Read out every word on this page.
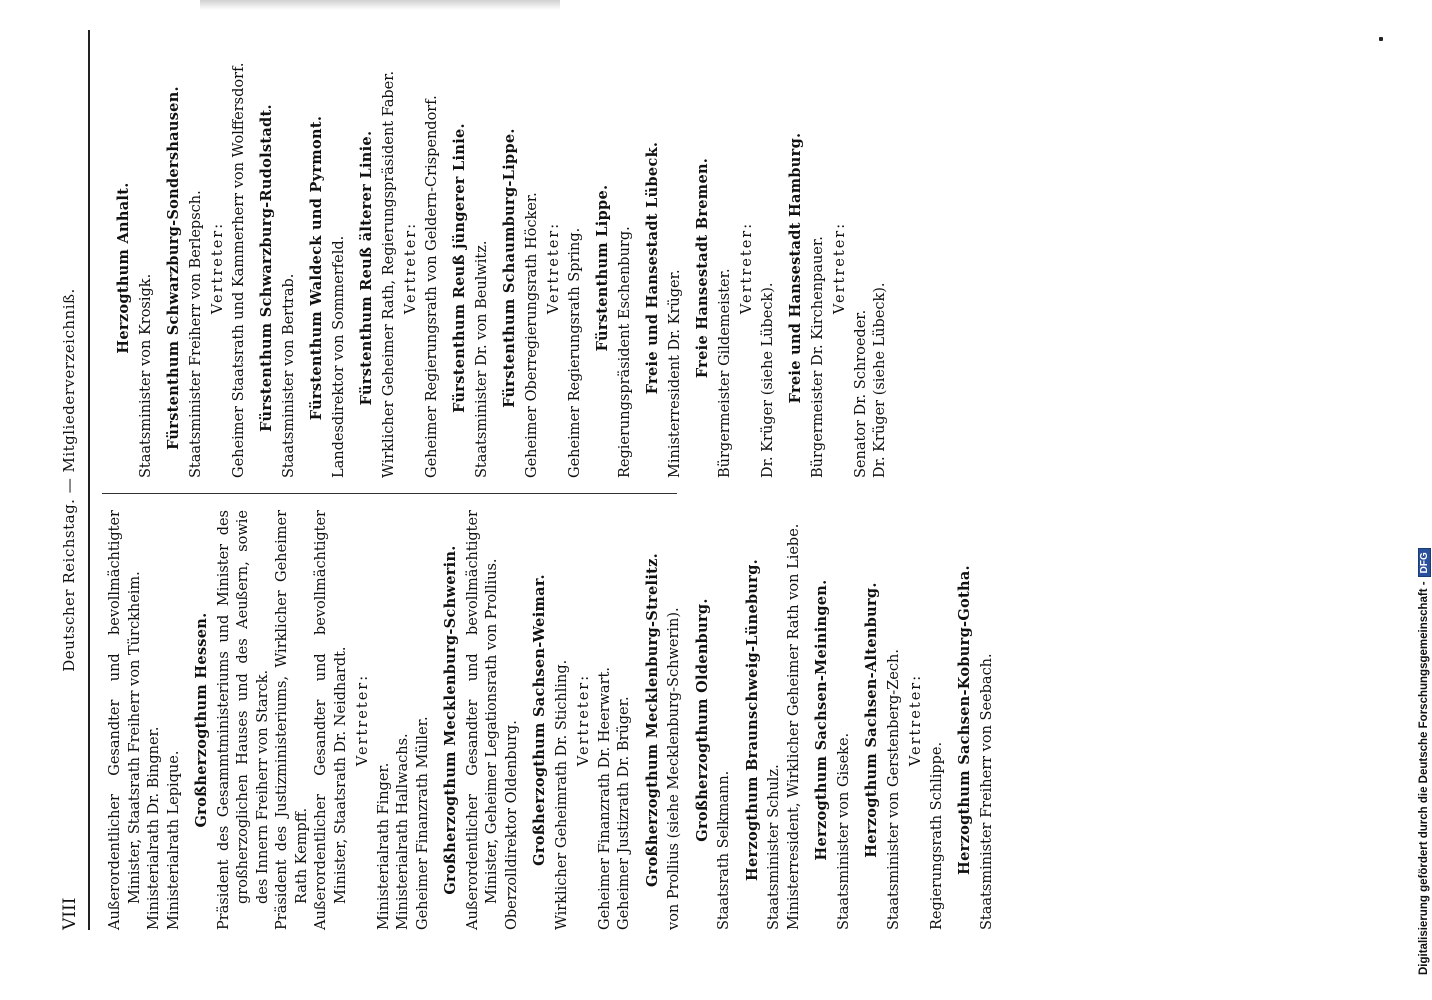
VIII
Deutscher Reichstag. — Mitgliederverzeichniß.
Außerordentlicher Gesandter und bevollmächtigter Minister, Staatsrath Freiherr von Türckheim. Ministerialrath Dr. Bingner. Ministerialrath Lepique.
Großherzogthum Hessen. Präsident des Gesammtministeriums und Minister des großherzoglichen Hauses und des Aeußern, sowie des Innern Freiherr von Starck. Präsident des Justizministeriums, Wirklicher Geheimer Rath Kempff. Außerordentlicher Gesandter und bevollmächtigter Minister, Staatsrath Dr. Neidhardt. Vertreter:
Ministerialrath Finger. Ministerialrath Hallwachs. Geheimer Finanzrath Müller. Großherzogthum Mecklenburg-Schwerin. Außerordentlicher Gesandter und bevollmächtigter Minister, Geheimer Legationsrath von Prollius. Oberzolldirektor Oldenburg. Großherzogthum Sachsen-Weimar. Wirklicher Geheimrath Dr. Stichling. Vertreter: Geheimer Finanzrath Dr. Heerwart. Geheimer Justizrath Dr. Brüger. Großherzogthum Mecklenburg-Strelitz. von Prollius (siehe Mecklenburg-Schwerin). Großherzogthum Oldenburg.
Staatsrath Selkmann. Herzogthum Braunschweig-Lüneburg. Staatsminister Schulz. Ministerresident, Wirklicher Geheimer Rath von Liebe. Herzogthum Sachsen-Meiningen. Staatsminister von Giseke. Herzogthum Sachsen-Altenburg. Staatsminister von Gerstenberg-Zech. Vertreter:
Regierungsrath Schlippe. Herzogthum Sachsen-Koburg-Gotha. Staatsminister Freiherr von Seebach.
Herzogthum Anhalt.
Staatsminister von Krosigk. Fürstenthum Schwarzburg-Sondershausen. Staatsminister Freiherr von Berlepsch. Vertreter: Geheimer Staatsrath und Kammerherr von Wolffersdorf. Fürstenthum Schwarzburg-Rudolstadt. Staatsminister von Bertrab. Fürstenthum Waldeck und Pyrmont. Landesdirektor von Sommerfeld. Fürstenthum Reuß älterer Linie. Wirklicher Geheimer Rath, Regierungspräsident Faber. Vertreter: Geheimer Regierungsrath von Geldern-Crispendorf. Fürstenthum Reuß jüngerer Linie. Staatsminister Dr. von Beulwitz. Fürstenthum Schaumburg-Lippe. Geheimer Oberregierungsrath Höcker. Vertreter: Geheimer Regierungsrath Spring. Fürstenthum Lippe. Regierungspräsident Eschenburg. Freie und Hansestadt Lübeck. Ministerresident Dr. Krüger. Freie Hansestadt Bremen. Bürgermeister Gildemeister.
Vertreter:
Dr. Krüger (siehe Lübeck). Freie und Hansestadt Hamburg. Bürgermeister Dr. Kirchenpauer. Vertreter:
Senator Dr. Schroeder. Dr. Krüger (siehe Lübeck).
Digitalisierung gefördert durch die Deutsche Forschungsgemeinschaft -DFG
